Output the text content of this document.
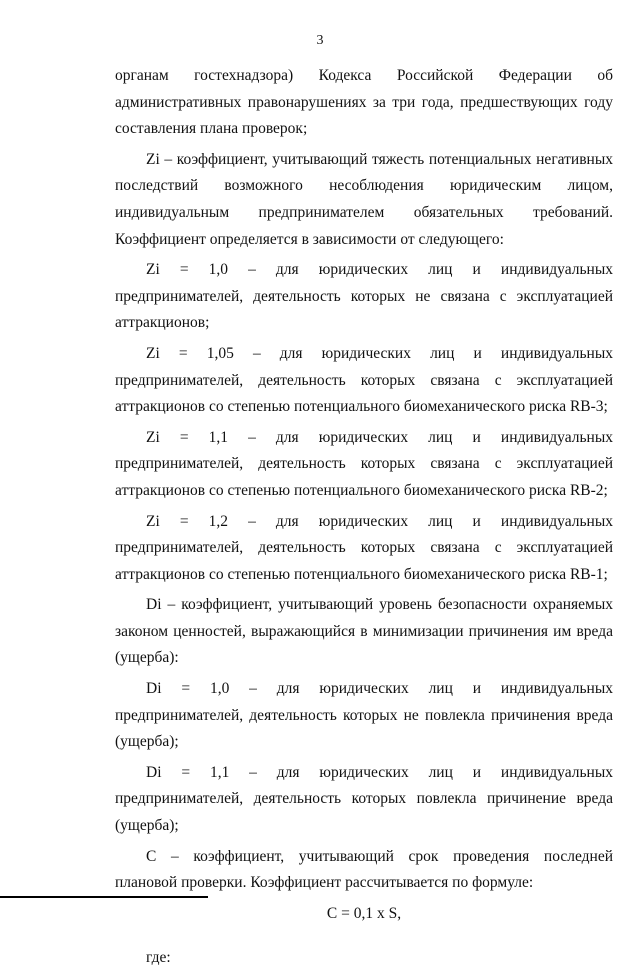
3

органам гостехнадзора) Кодекса Российской Федерации об административных правонарушениях за три года, предшествующих году составления плана проверок;

Zi – коэффициент, учитывающий тяжесть потенциальных негативных последствий возможного несоблюдения юридическим лицом, индивидуальным предпринимателем обязательных требований. Коэффициент определяется в зависимости от следующего:

Zi = 1,0 – для юридических лиц и индивидуальных предпринимателей, деятельность которых не связана с эксплуатацией аттракционов;

Zi = 1,05 – для юридических лиц и индивидуальных предпринимателей, деятельность которых связана с эксплуатацией аттракционов со степенью потенциального биомеханического риска RB-3;

Zi = 1,1 – для юридических лиц и индивидуальных предпринимателей, деятельность которых связана с эксплуатацией аттракционов со степенью потенциального биомеханического риска RB-2;

Zi = 1,2 – для юридических лиц и индивидуальных предпринимателей, деятельность которых связана с эксплуатацией аттракционов со степенью потенциального биомеханического риска RB-1;

Di – коэффициент, учитывающий уровень безопасности охраняемых законом ценностей, выражающийся в минимизации причинения им вреда (ущерба):

Di = 1,0 – для юридических лиц и индивидуальных предпринимателей, деятельность которых не повлекла причинения вреда (ущерба);

Di = 1,1 – для юридических лиц и индивидуальных предпринимателей, деятельность которых повлекла причинение вреда (ущерба);

C – коэффициент, учитывающий срок проведения последней плановой проверки. Коэффициент рассчитывается по формуле:

C = 0,1 x S,

где:
